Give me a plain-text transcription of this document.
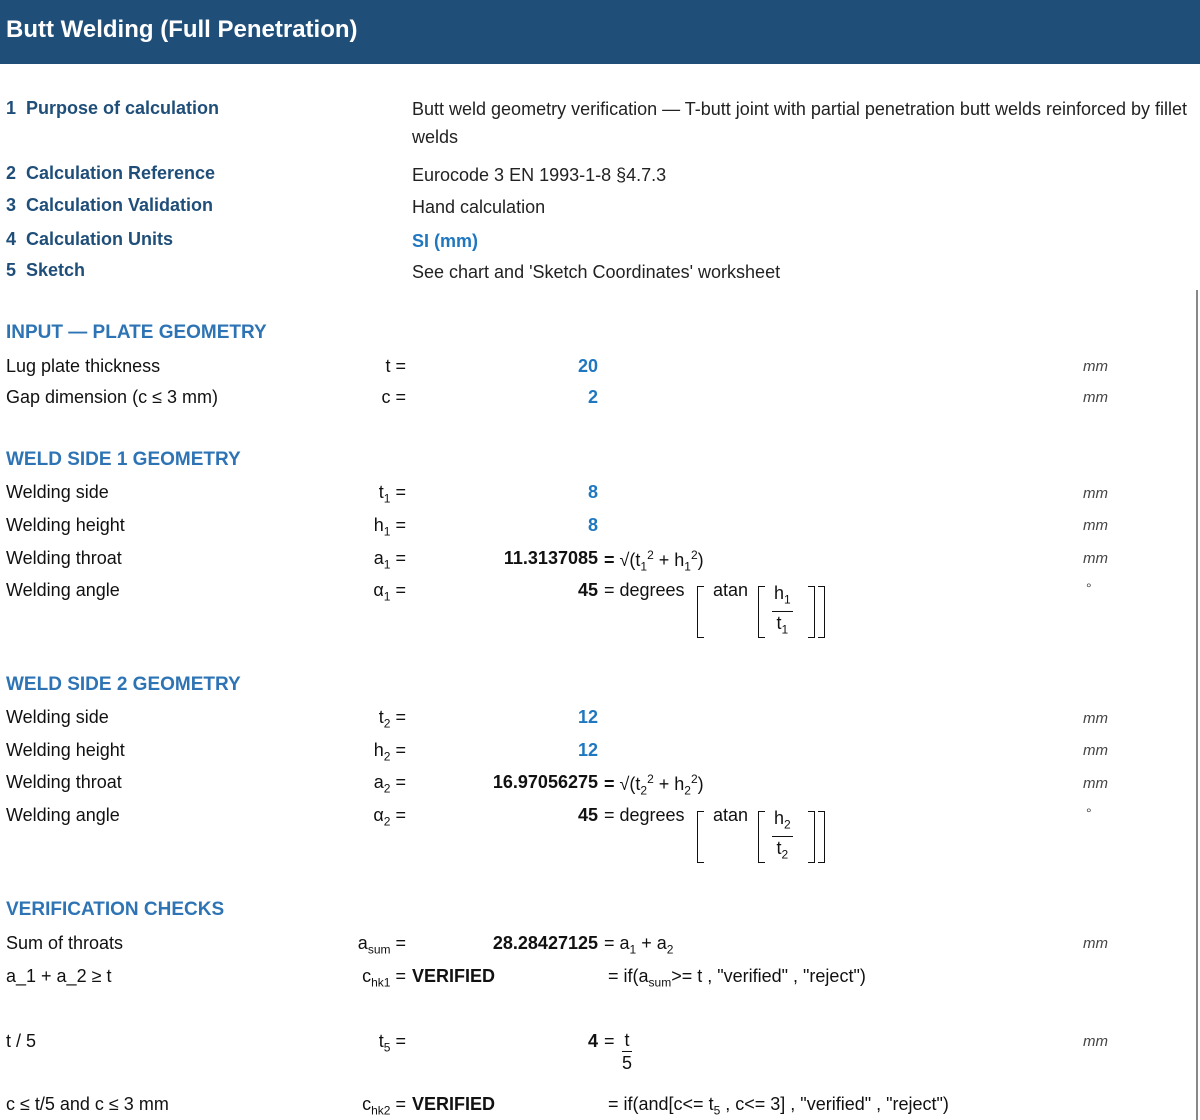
Butt Welding (Full Penetration)
1 Purpose of calculation	Butt weld geometry verification — T-butt joint with partial penetration butt welds reinforced by fillet welds
2 Calculation Reference	Eurocode 3 EN 1993-1-8 §4.7.3
3 Calculation Validation	Hand calculation
4 Calculation Units	SI (mm)
5 Sketch	See chart and 'Sketch Coordinates' worksheet
INPUT — PLATE GEOMETRY
Lug plate thickness	t =	20	mm
Gap dimension (c ≤ 3 mm)	c =	2	mm
WELD SIDE 1 GEOMETRY
Welding side	$t_1$ =	8	mm
Welding height	$h_1$ =	8	mm
Welding throat	$a_1$ =	$11.3137085 = √(t_1^2 + h_1^2)$	mm
Welding angle	$\alpha_1$ =	45 = degrees atan $\frac{h_1}{t_1}$	°
WELD SIDE 2 GEOMETRY
Welding side	$t_2$ =	12	mm
Welding height	$h_2$ =	12	mm
Welding throat	$a_2$ =	$16.97056275 = √(t_2^2 + h_2^2)$	mm
Welding angle	$\alpha_2$ =	45 = degrees atan $\frac{h_2}{t_2}$	°
VERIFICATION CHECKS
Sum of throats	$a_{sum}$ =	$28.28427125 = a_1 + a_2$	mm
a_1 + a_2 ≥ t	$c_{hk1}$ = VERIFIED	= $if(a_{sum}>= t$ , "verified" , "reject")
t / 5	$t_5$ =	$4 = \frac{t}{5}$	mm
c ≤ t/5 and c ≤ 3 mm	$c_{hk2}$ = VERIFIED	= $if(and[c<= t_5$ , c<= 3] , "verified" , "reject")
